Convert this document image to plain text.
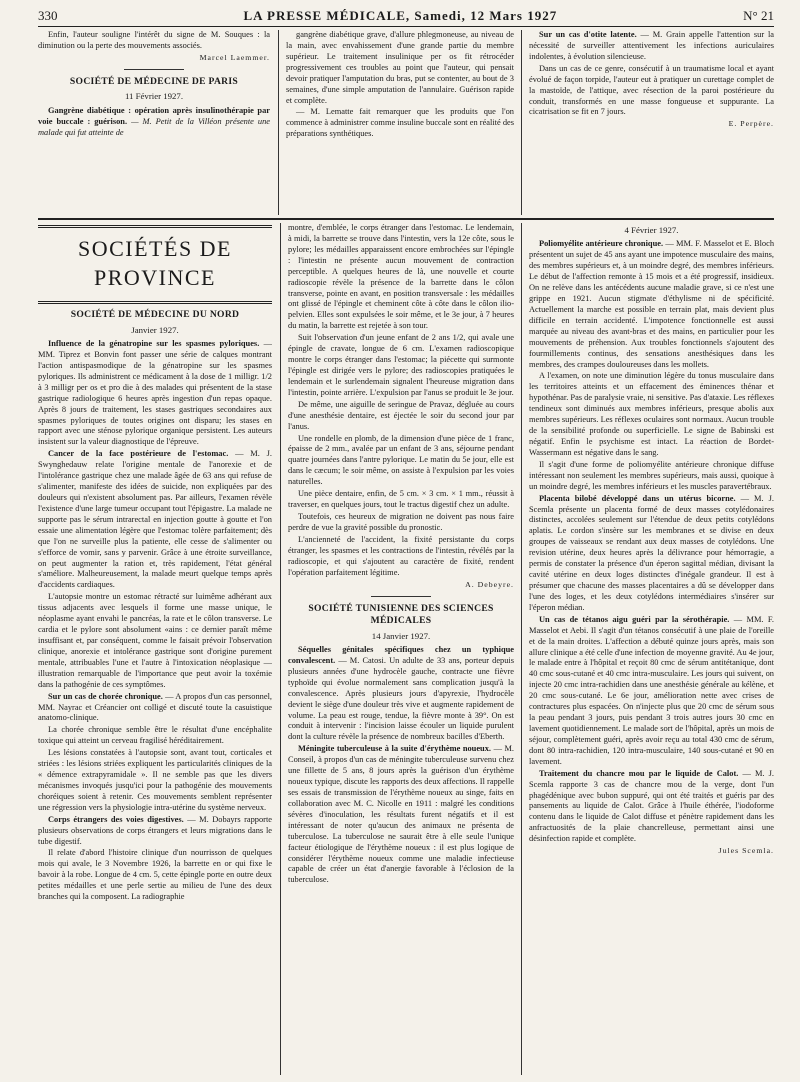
330	LA PRESSE MÉDICALE, Samedi, 12 Mars 1927	N° 21

Enfin, l'auteur souligne l'intérêt du signe de M. Souques : la diminution ou la perte des mouvements associés.

Marcel Laemmer.

SOCIÉTÉ DE MÉDECINE DE PARIS
11 Février 1927.

Gangrène diabétique : opération après insulinothérapie par voie buccale : guérison. — M. Petit de la Villéon présente une malade qui fut atteinte de

gangrène diabétique grave, d'allure phlegmoneuse, au niveau de la main, avec envahissement d'une grande partie du membre supérieur. Le traitement insulinique per os fit rétrocéder progressivement ces troubles au point que l'auteur, qui pensait devoir pratiquer l'amputation du bras, put se contenter, au bout de 3 semaines, d'une simple amputation de l'annulaire. Guérison rapide et complète.

— M. Lematte fait remarquer que les produits que l'on commence à administrer comme insuline buccale sont en réalité des préparations synthétiques.

Sur un cas d'otite latente. — M. Grain appelle l'attention sur la nécessité de surveiller attentivement les infections auriculaires indolentes, à évolution silencieuse.

Dans un cas de ce genre, consécutif à un traumatisme local et ayant évolué de façon torpide, l'auteur eut à pratiquer un curettage complet de la mastoïde, de l'attique, avec résection de la paroi postérieure du conduit, transformés en une masse fongueuse et suppurante. La cicatrisation se fit en 7 jours.

E. Perpère.

SOCIÉTÉS DE PROVINCE
SOCIÉTÉ DE MÉDECINE DU NORD
Janvier 1927.

Influence de la génatropine sur les spasmes pyloriques. — MM. Tiprez et Bonvin font passer une série de calques montrant l'action antispasmodique de la génatropine sur les spasmes pyloriques. Ils administrent ce médicament à la dose de 1 milligr. 1/2 à 3 milligr per os et pro die à des malades qui présentent de la stase gastrique radiologique 6 heures après ingestion d'un repas opaque. Après 8 jours de traitement, les stases gastriques secondaires aux spasmes pyloriques de toutes origines ont disparu; les stases en rapport avec une sténose pylorique organique persistent. Les auteurs insistent sur la valeur diagnostique de l'épreuve.

Cancer de la face postérieure de l'estomac. — M. J. Swynghedauw relate l'origine mentale de l'anorexie et de l'intolérance gastrique chez une malade âgée de 63 ans qui refuse de s'alimenter, manifeste des idées de suicide, non expliquées par des douleurs qui n'existent absolument pas. Par ailleurs, l'examen révèle l'existence d'une large tumeur occupant tout l'épigastre. La malade ne supporte pas le sérum intrarectal en injection goutte à goutte et l'on essaie une alimentation légère que l'estomac tolère parfaitement; dès que l'on ne surveille plus la patiente, elle cesse de s'alimenter ou s'efforce de vomir, sans y parvenir. Grâce à une étroite surveillance, on peut augmenter la ration et, très rapidement, l'état général s'améliore. Malheureusement, la malade meurt quelque temps après d'accidents cardiaques.

L'autopsie montre un estomac rétracté sur luimême adhérant aux tissus adjacents avec lesquels il forme une masse unique, le néoplasme ayant envahi le pancréas, la rate et le côlon transverse. Le cardia et le pylore sont absolument «ains : ce dernier paraît même insuffisant et, par conséquent, comme le faisait prévoir l'observation clinique, anorexie et intolérance gastrique sont d'origine purement mentale, attribuables l'une et l'autre à l'intoxication néoplasique — illustration remarquable de l'importance que peut avoir la toxémie dans la pathogénie de ces symptômes.

Sur un cas de chorée chronique. — A propos d'un cas personnel, MM. Nayrac et Créancier ont colligé et discuté toute la casuistique anatomo-clinique.

La chorée chronique semble être le résultat d'une encéphalite toxique qui atteint un cerveau fragilisé héréditairement.

Les lésions constatées à l'autopsie sont, avant tout, corticales et striées : les lésions striées expliquent les particularités cliniques de la « démence extrapyramidale ». Il ne semble pas que les divers mécanismes invoqués jusqu'ici pour la pathogénie des mouvements choréiques soient à retenir. Ces mouvements semblent représenter une régression vers la physiologie intra-utérine du système nerveux.

Corps étrangers des voies digestives. — M. Dobayrs rapporte plusieurs observations de corps étrangers et leurs migrations dans le tube digestif.

Il relate d'abord l'histoire clinique d'un nourrisson de quelques mois qui avale, le 3 Novembre 1926, la barrette en or qui fixe le bavoir à la robe. Longue de 4 cm. 5, cette épingle porte en outre deux petites médailles et une perle sertie au milieu de l'une des deux branches qui la composent. La radiographie

montre, d'emblée, le corps étranger dans l'estomac. Le lendemain, à midi, la barrette se trouve dans l'intestin, vers la 12e côte, sous le pylore; les médailles apparaissent encore embrochées sur l'épingle : l'intestin ne présente aucun mouvement de contraction perceptible. A quelques heures de là, une nouvelle et courte radioscopie révèle la présence de la barrette dans le côlon transverse, pointe en avant, en position transversale : les médailles ont glissé de l'épingle et cheminent côte à côte dans le côlon ilio-pelvien. Elles sont expulsées le soir même, et le 3e jour, à 7 heures du matin, la barrette est rejetée à son tour.

Suit l'observation d'un jeune enfant de 2 ans 1/2, qui avale une épingle de cravate, longue de 6 cm. L'examen radioscopique montre le corps étranger dans l'estomac; la piécette qui surmonte l'épingle est dirigée vers le pylore; des radioscopies pratiquées le lendemain et le surlendemain signalent l'heureuse migration dans l'intestin, pointe arrière. L'expulsion par l'anus se produit le 3e jour.

De même, une aiguille de seringue de Pravaz, dégluée au cours d'une anesthésie dentaire, est éjectée le soir du second jour par l'anus.

Une rondelle en plomb, de la dimension d'une pièce de 1 franc, épaisse de 2 mm., avalée par un enfant de 3 ans, séjourne pendant quatre journées dans l'antre pylorique. Le matin du 5e jour, elle est dans le cæcum; le soir même, on assiste à l'expulsion par les voies naturelles.

Une pièce dentaire, enfin, de 5 cm. × 3 cm. × 1 mm., réussit à traverser, en quelques jours, tout le tractus digestif chez un adulte.

Toutefois, ces heureux de migration ne doivent pas nous faire perdre de vue la gravité possible du pronostic.

L'ancienneté de l'accident, la fixité persistante du corps étranger, les spasmes et les contractions de l'intestin, révélés par la radioscopie, et qui s'ajoutent au caractère de fixité, rendent l'opération parfaitement légitime.

A. Debeyre.

SOCIÉTÉ TUNISIENNE DES SCIENCES MÉDICALES
14 Janvier 1927.

Séquelles génitales spécifiques chez un typhique convalescent. — M. Catosi. Un adulte de 33 ans, porteur depuis plusieurs années d'une hydrocèle gauche, contracte une fièvre typhoïde qui évolue normalement sans complication jusqu'à la convalescence. Après plusieurs jours d'apyrexie, l'hydrocèle devient le siège d'une douleur très vive et augmente rapidement de volume. La peau est rouge, tendue, la fièvre monte à 39°. On est conduit à intervenir : l'incision laisse écouler un liquide purulent dont la culture révèle la présence de nombreux bacilles d'Eberth.

Méningite tuberculeuse à la suite d'érythème noueux. — M. Conseil, à propos d'un cas de méningite tuberculeuse survenu chez une fillette de 5 ans, 8 jours après la guérison d'un érythème noueux typique, discute les rapports des deux affections. Il rappelle ses essais de transmission de l'érythème noueux au singe, faits en collaboration avec M. C. Nicolle en 1911 : malgré les conditions sévères d'inoculation, les résultats furent négatifs et il est intéressant de noter qu'aucun des animaux ne présenta de tuberculose. La tuberculose ne saurait être à elle seule l'unique facteur étiologique de l'érythème noueux : il est plus logique de considérer l'érythème noueux comme une maladie infectieuse capable de créer un état d'anergie favorable à l'éclosion de la tuberculose.

4 Février 1927.

Poliomyélite antérieure chronique. — MM. F. Masselot et E. Bloch présentent un sujet de 45 ans ayant une impotence musculaire des mains, des membres supérieurs et, à un moindre degré, des membres inférieurs. Le début de l'affection remonte à 15 mois et a été progressif, insidieux. On ne relève dans les antécédents aucune maladie grave, si ce n'est une grippe en 1921. Aucun stigmate d'éthylisme ni de spécificité. Actuellement la marche est possible en terrain plat, mais devient plus difficile en terrain accidenté. L'impotence fonctionnelle est aussi marquée au niveau des avant-bras et des mains, en particulier pour les mouvements de préhension. Aux troubles fonctionnels s'ajoutent des fourmillements continus, des sensations anesthésiques dans les membres, des crampes douloureuses dans les mollets.

A l'examen, on note une diminution légère du tonus musculaire dans les territoires atteints et un effacement des éminences thénar et hypothénar. Pas de paralysie vraie, ni sensitive. Pas d'ataxie. Les réflexes tendineux sont diminués aux membres inférieurs, presque abolis aux membres supérieurs. Les réflexes oculaires sont normaux. Aucun trouble de la sensibilité profonde ou superficielle. Le signe de Babinski est négatif. Enfin le psychisme est intact. La réaction de Bordet-Wassermann est négative dans le sang.

Il s'agit d'une forme de poliomyélite antérieure chronique diffuse intéressant non seulement les membres supérieurs, mais aussi, quoique à un moindre degré, les membres inférieurs et les muscles paravertébraux.

Placenta bilobé développé dans un utérus bicorne. — M. J. Scemla présente un placenta formé de deux masses cotylédonaires distinctes, accolées seulement sur l'étendue de deux petits cotylédons aplatis. Le cordon s'insère sur les membranes et se divise en deux groupes de vaisseaux se rendant aux deux masses de cotylédons. Une revision utérine, deux heures après la délivrance pour hémorragie, a permis de constater la présence d'un éperon sagittal médian, divisant la cavité utérine en deux loges distinctes d'inégale grandeur. Il est à présumer que chacune des masses placentaires a dû se développer dans l'une des loges, et les deux cotylédons intermédiaires s'insérer sur l'éperon médian.

Un cas de tétanos aigu guéri par la sérothérapie. — MM. F. Masselot et Aebi. Il s'agit d'un tétanos consécutif à une plaie de l'oreille et de la main droites. L'affection a débuté quinze jours après, mais son allure clinique a été celle d'une infection de moyenne gravité. Au 4e jour, le malade entre à l'hôpital et reçoit 80 cmc de sérum antitétanique, dont 40 cmc sous-cutané et 40 cmc intra-musculaire. Les jours qui suivent, on injecte 20 cmc intra-rachidien dans une anesthésie générale au kélène, et 20 cmc sous-cutané. Le 6e jour, amélioration nette avec crises de contractures plus espacées. On n'injecte plus que 20 cmc de sérum sous la peau pendant 3 jours, puis pendant 3 trois autres jours 30 cmc en lavement quotidiennement. Le malade sort de l'hôpital, après un mois de séjour, complètement guéri, après avoir reçu au total 430 cmc de sérum, dont 80 intra-rachidien, 120 intra-musculaire, 140 sous-cutané et 90 en lavement.

Traitement du chancre mou par le liquide de Calot. — M. J. Scemla rapporte 3 cas de chancre mou de la verge, dont l'un phagédénique avec bubon suppuré, qui ont été traités et guéris par des pansements au liquide de Calot. Grâce à l'huile éthérée, l'iodoforme contenu dans le liquide de Calot diffuse et pénètre rapidement dans les anfractuosités de la plaie chancrelleuse, permettant ainsi une désinfection rapide et complète.

Jules Scemla.
